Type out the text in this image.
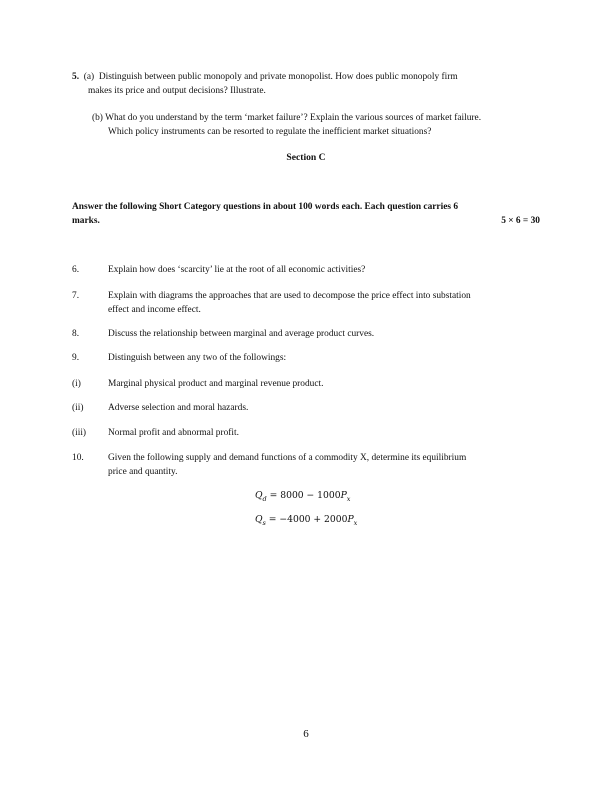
5. (a) Distinguish between public monopoly and private monopolist. How does public monopoly firm
makes its price and output decisions? Illustrate.
(b) What do you understand by the term ‘market failure’? Explain the various sources of market failure.
Which policy instruments can be resorted to regulate the inefficient market situations?
Section C
Answer the following Short Category questions in about 100 words each. Each question carries 6
marks.	5 × 6 = 30
6.	Explain how does ‘scarcity’ lie at the root of all economic activities?
7.	Explain with diagrams the approaches that are used to decompose the price effect into substation
effect and income effect.
8.	Discuss the relationship between marginal and average product curves.
9.	Distinguish between any two of the followings:
(i)	Marginal physical product and marginal revenue product.
(ii)	Adverse selection and moral hazards.
(iii)	Normal profit and abnormal profit.
10.	Given the following supply and demand functions of a commodity X, determine its equilibrium
price and quantity.
$Q_d = 8000 - 1000P_x$
$Q_s = -4000 + 2000P_x$
6
